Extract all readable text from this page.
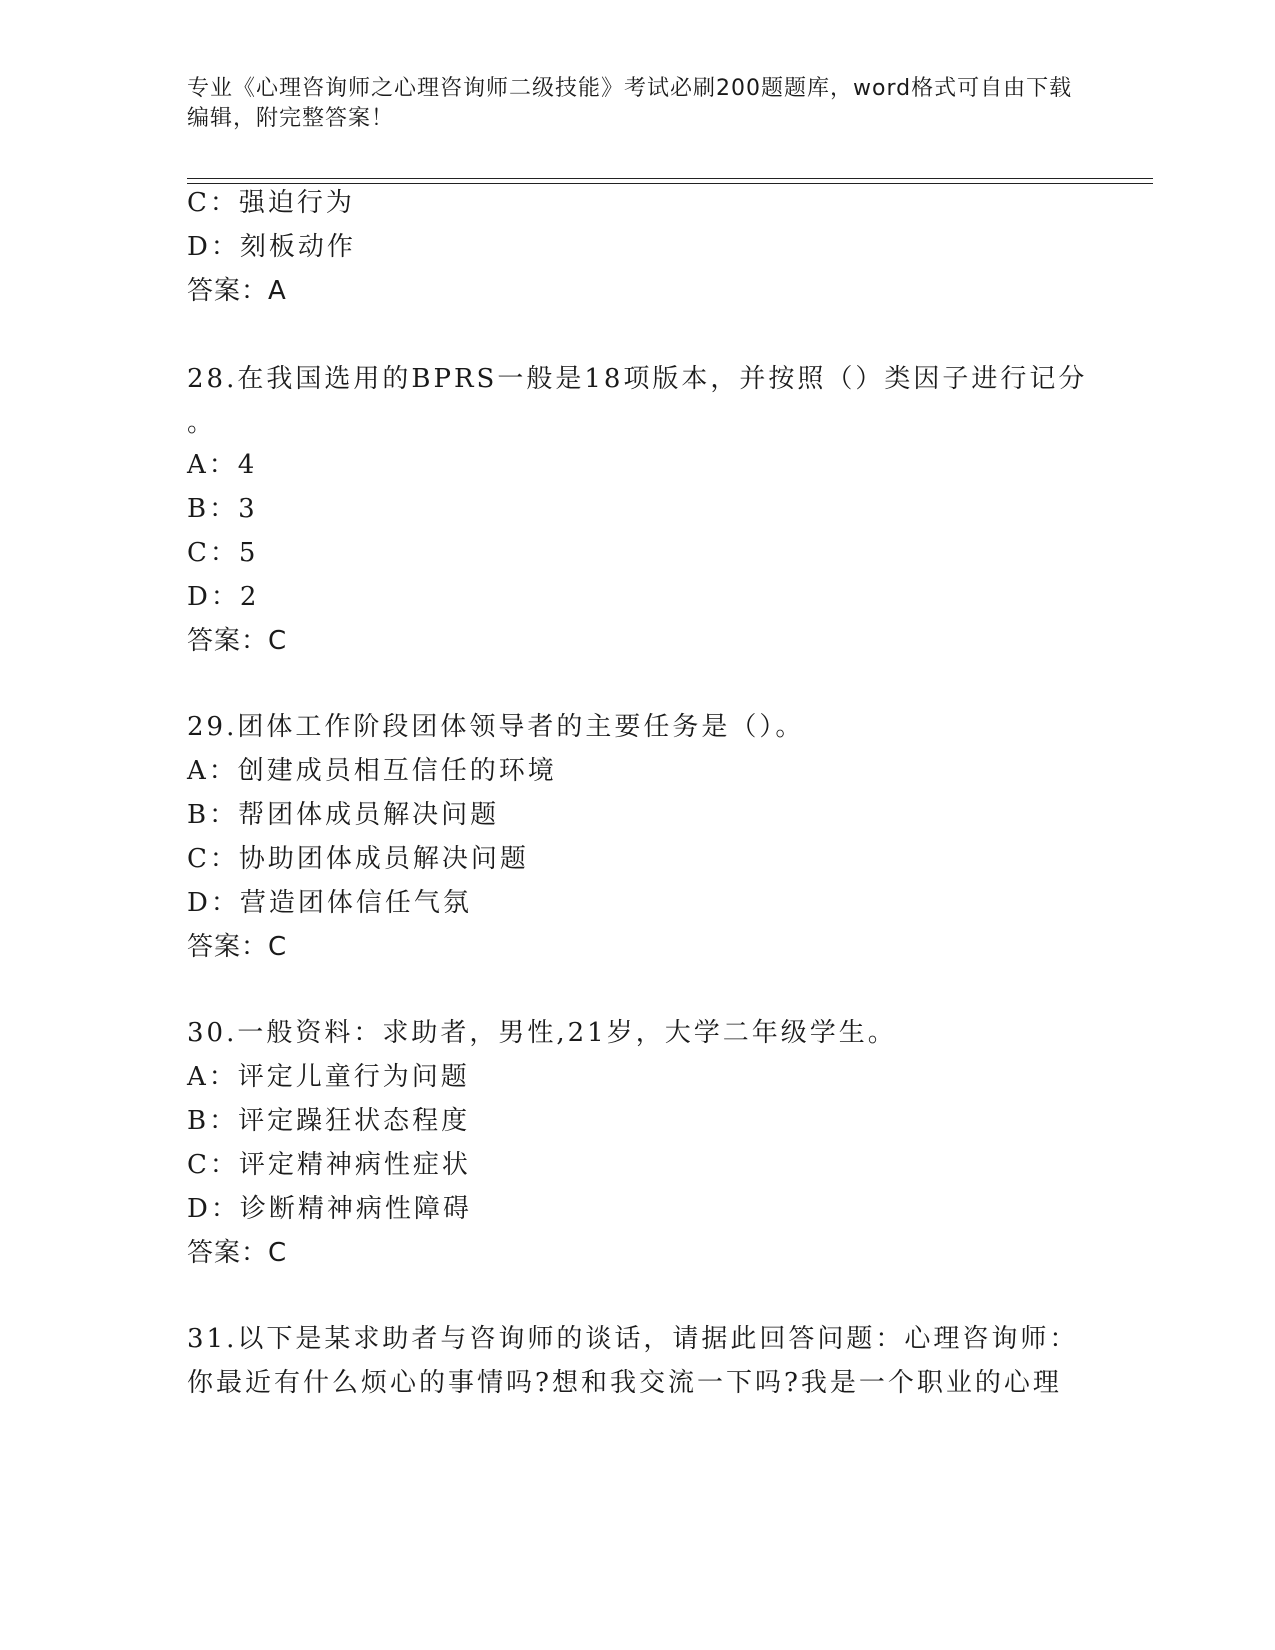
专业《心理咨询师之心理咨询师二级技能》考试必刷200题题库，word格式可自由下载编辑，附完整答案！
C：强迫行为
D：刻板动作
答案：A
28.在我国选用的BPRS一般是18项版本，并按照（）类因子进行记分
。
A：4
B：3
C：5
D：2
答案：C
29.团体工作阶段团体领导者的主要任务是（）。
A：创建成员相互信任的环境
B：帮团体成员解决问题
C：协助团体成员解决问题
D：营造团体信任气氛
答案：C
30.一般资料：求助者，男性,21岁，大学二年级学生。
A：评定儿童行为问题
B：评定躁狂状态程度
C：评定精神病性症状
D：诊断精神病性障碍
答案：C
31.以下是某求助者与咨询师的谈话，请据此回答问题：心理咨询师：
你最近有什么烦心的事情吗?想和我交流一下吗?我是一个职业的心理
